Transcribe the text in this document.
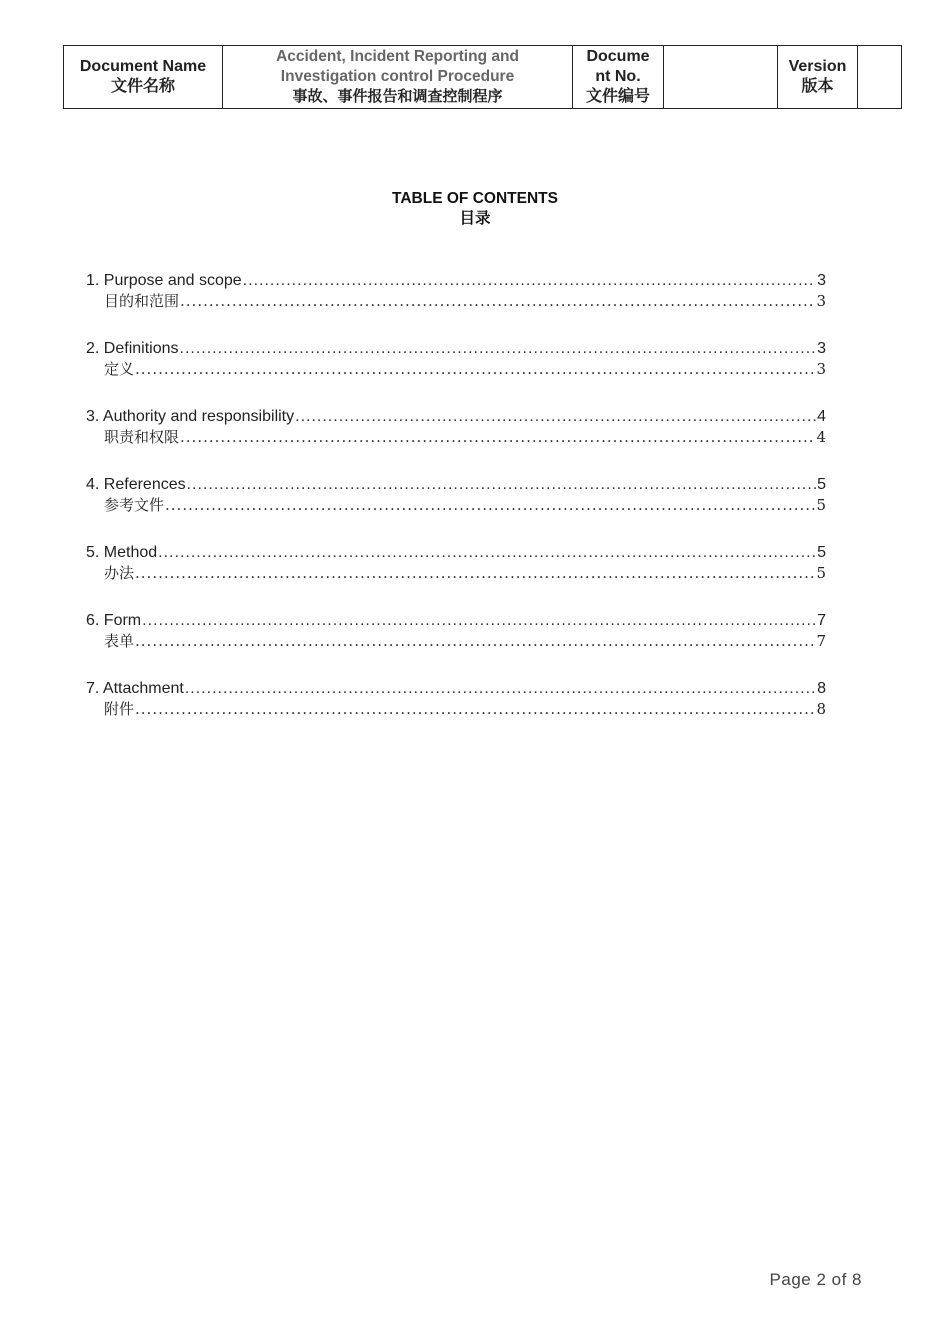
Document Name
文件名称

Accident, Incident Reporting and
Investigation control Procedure
事故、事件报告和调查控制程序

Docume
nt No.
文件编号

Version
版本

TABLE OF CONTENTS
目录
1. Purpose and scope .....	3
目的和范围 .....	3
2. Definitions .....	3
定义 .....	3
3. Authority and responsibility .....	4
职责和权限 .....	4
4. References .....	5
参考文件 .....	5
5. Method .....	5
办法 .....	5
6. Form .....	7
表单 .....	7
7. Attachment .....	8
附件 .....	8
Page 2 of 8
